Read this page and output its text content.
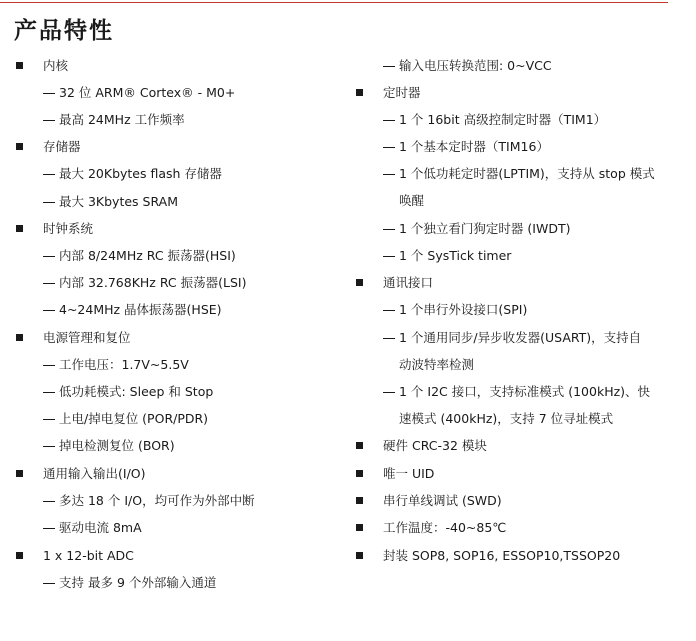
产品特性
内核
32 位 ARM® Cortex® - M0+
最高 24MHz 工作频率
存储器
最大 20Kbytes flash 存储器
最大 3Kbytes SRAM
时钟系统
内部 8/24MHz RC 振荡器(HSI)
内部 32.768KHz RC 振荡器(LSI)
4~24MHz 晶体振荡器(HSE)
电源管理和复位
工作电压：1.7V~5.5V
低功耗模式: Sleep 和 Stop
上电/掉电复位 (POR/PDR)
掉电检测复位 (BOR)
通用输入输出(I/O)
多达 18 个 I/O，均可作为外部中断
驱动电流 8mA
1 x 12-bit ADC
支持 最多 9 个外部输入通道
输入电压转换范围: 0~VCC
定时器
1 个 16bit 高级控制定时器（TIM1）
1 个基本定时器（TIM16）
1 个低功耗定时器(LPTIM)，支持从 stop 模式
唤醒
1 个独立看门狗定时器 (IWDT)
1 个 SysTick timer
通讯接口
1 个串行外设接口(SPI)
1 个通用同步/异步收发器(USART)，支持自
动波特率检测
1 个 I2C 接口，支持标准模式 (100kHz)、快
速模式 (400kHz)，支持 7 位寻址模式
硬件 CRC-32 模块
唯一 UID
串行单线调试 (SWD)
工作温度：-40~85℃
封装 SOP8, SOP16, ESSOP10,TSSOP20
